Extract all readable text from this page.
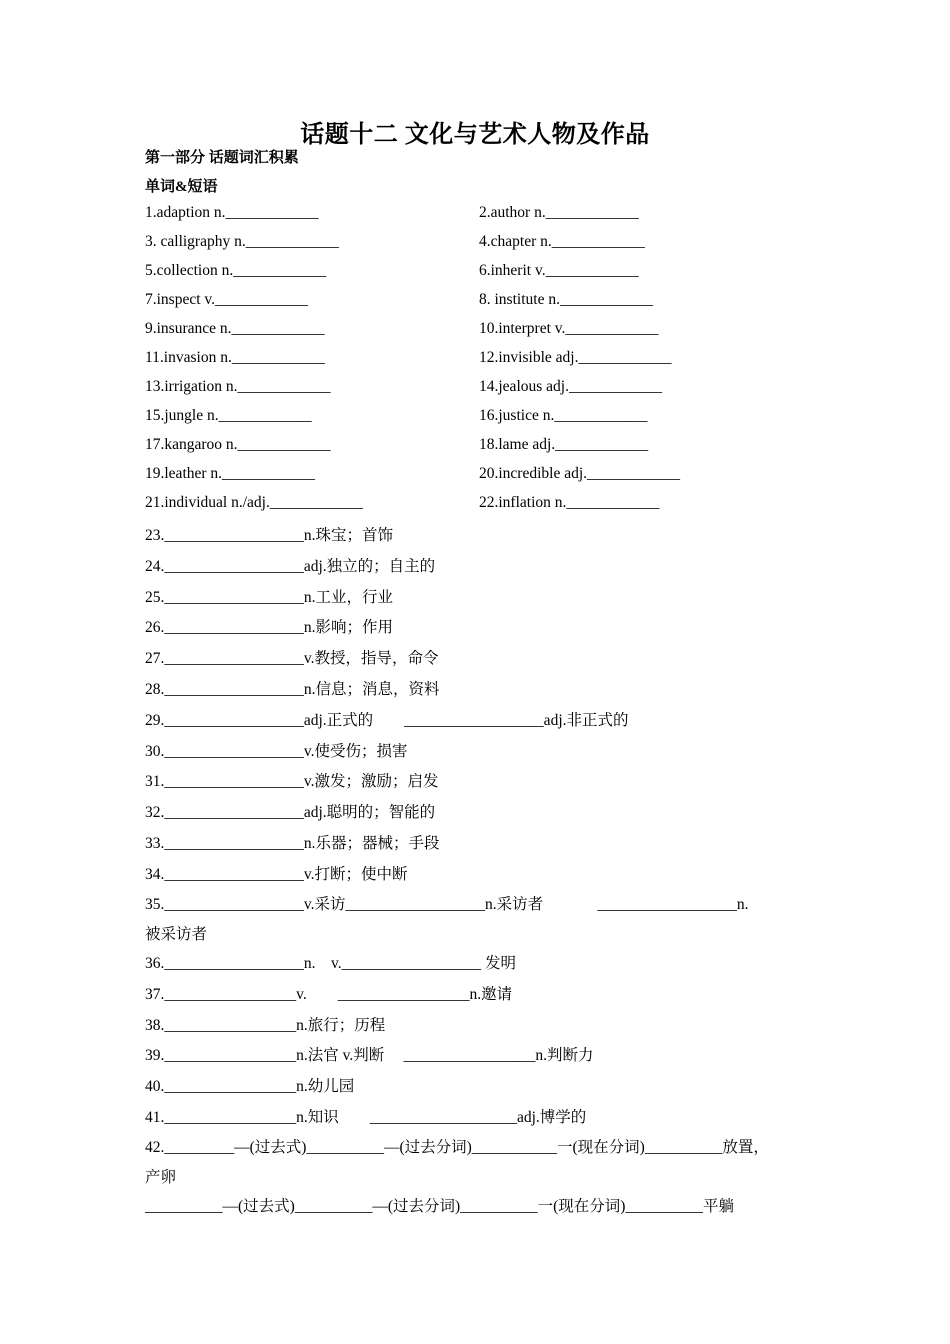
话题十二 文化与艺术人物及作品
第一部分 话题词汇积累
单词&短语
1.adaption n.____________	2.author n.____________
3. calligraphy n.____________	4.chapter n.____________
5.collection n.____________	6.inherit v.____________
7.inspect v.____________	8. institute n.____________
9.insurance n.____________	10.interpret v.____________
11.invasion n.____________	12.invisible adj.____________
13.irrigation n.____________	14.jealous adj.____________
15.jungle n.____________	16.justice n.____________
17.kangaroo n.____________	18.lame adj.____________
19.leather n.____________	20.incredible adj.____________
21.individual n./adj.____________	22.inflation n.____________
23.__________________n.珠宝；首饰
24.__________________adj.独立的；自主的
25.__________________n.工业，行业
26.__________________n.影响；作用
27.__________________v.教授，指导，命令
28.__________________n.信息；消息，资料
29.__________________adj.正式的        __________________adj.非正式的
30.__________________v.使受伤；损害
31.__________________v.激发；激励；启发
32.__________________adj.聪明的；智能的
33.__________________n.乐器；器械；手段
34.__________________v.打断；使中断
35.__________________v.采访__________________n.采访者              __________________n.
被采访者
36.__________________n.    v.__________________ 发明
37._________________v.        _________________n.邀请
38._________________n.旅行；历程
39._________________n.法官 v.判断     _________________n.判断力
40._________________n.幼儿园
41._________________n.知识        ___________________adj.博学的
42._________—(过去式)__________—(过去分词)___________一(现在分词)__________放置，
产卵
__________—(过去式)__________—(过去分词)__________一(现在分词)__________平躺
